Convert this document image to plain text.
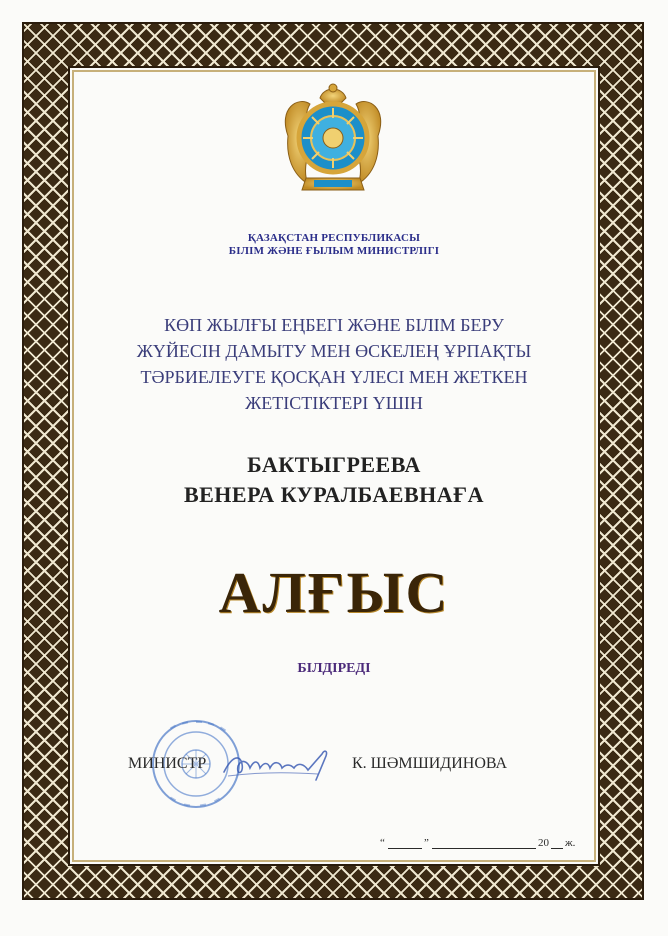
ҚАЗАҚСТАН РЕСПУБЛИКАСЫ
БІЛІМ ЖӘНЕ ҒЫЛЫМ МИНИСТРЛІГІ
КӨП ЖЫЛҒЫ ЕҢБЕГІ ЖӘНЕ БІЛІМ БЕРУ
ЖҮЙЕСІН ДАМЫТУ МЕН ӨСКЕЛЕҢ ҰРПАҚТЫ
ТӘРБИЕЛЕУГЕ ҚОСҚАН ҮЛЕСІ МЕН ЖЕТКЕН
ЖЕТІСТІКТЕРІ ҮШІН
БАКТЫГРЕЕВА
ВЕНЕРА КУРАЛБАЕВНАҒА
АЛҒЫС
БІЛДІРЕДІ
МИНИСТР	К. ШӘМШИДИНОВА
“	”	20 ж.
